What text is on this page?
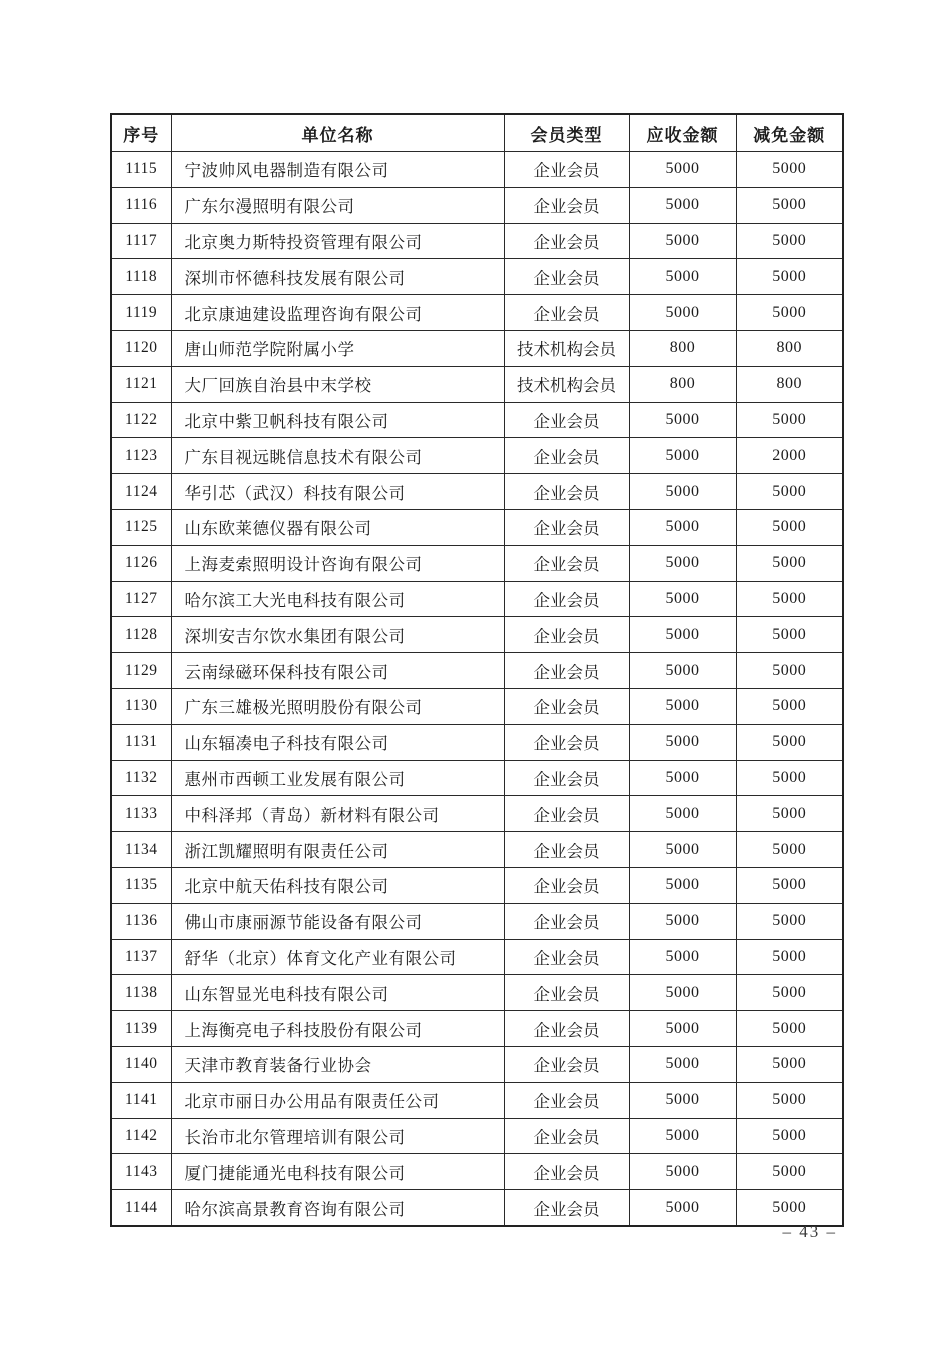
序号	单位名称	会员类型	应收金额	减免金额
1115	宁波帅风电器制造有限公司	企业会员	5000	5000
1116	广东尔漫照明有限公司	企业会员	5000	5000
1117	北京奥力斯特投资管理有限公司	企业会员	5000	5000
1118	深圳市怀德科技发展有限公司	企业会员	5000	5000
1119	北京康迪建设监理咨询有限公司	企业会员	5000	5000
1120	唐山师范学院附属小学	技术机构会员	800	800
1121	大厂回族自治县中末学校	技术机构会员	800	800
1122	北京中紫卫帆科技有限公司	企业会员	5000	5000
1123	广东目视远眺信息技术有限公司	企业会员	5000	2000
1124	华引芯（武汉）科技有限公司	企业会员	5000	5000
1125	山东欧莱德仪器有限公司	企业会员	5000	5000
1126	上海麦索照明设计咨询有限公司	企业会员	5000	5000
1127	哈尔滨工大光电科技有限公司	企业会员	5000	5000
1128	深圳安吉尔饮水集团有限公司	企业会员	5000	5000
1129	云南绿磁环保科技有限公司	企业会员	5000	5000
1130	广东三雄极光照明股份有限公司	企业会员	5000	5000
1131	山东辐凑电子科技有限公司	企业会员	5000	5000
1132	惠州市西顿工业发展有限公司	企业会员	5000	5000
1133	中科泽邦（青岛）新材料有限公司	企业会员	5000	5000
1134	浙江凯耀照明有限责任公司	企业会员	5000	5000
1135	北京中航天佑科技有限公司	企业会员	5000	5000
1136	佛山市康丽源节能设备有限公司	企业会员	5000	5000
1137	舒华（北京）体育文化产业有限公司	企业会员	5000	5000
1138	山东智显光电科技有限公司	企业会员	5000	5000
1139	上海衡亮电子科技股份有限公司	企业会员	5000	5000
1140	天津市教育装备行业协会	企业会员	5000	5000
1141	北京市丽日办公用品有限责任公司	企业会员	5000	5000
1142	长治市北尔管理培训有限公司	企业会员	5000	5000
1143	厦门捷能通光电科技有限公司	企业会员	5000	5000
1144	哈尔滨高景教育咨询有限公司	企业会员	5000	5000
– 43 –
